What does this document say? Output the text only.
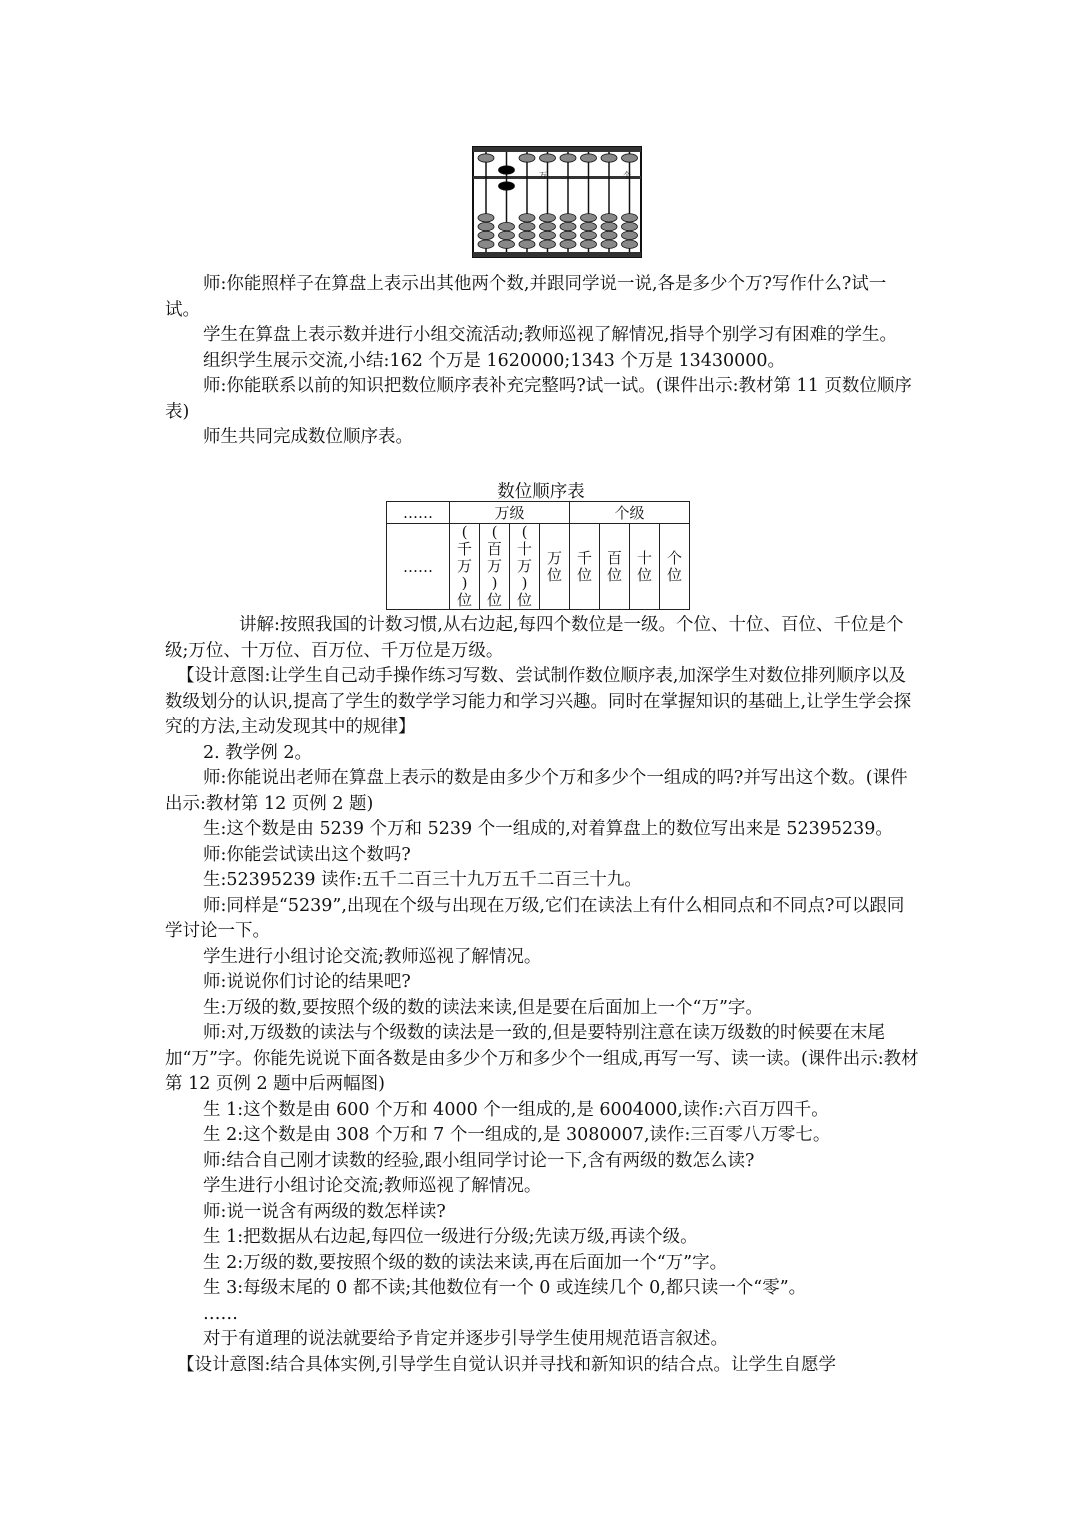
万	个

师:你能照样子在算盘上表示出其他两个数,并跟同学说一说,各是多少个万?写作什么?试一试。

学生在算盘上表示数并进行小组交流活动;教师巡视了解情况,指导个别学习有困难的学生。

组织学生展示交流,小结:162 个万是 1620000;1343 个万是 13430000。

师:你能联系以前的知识把数位顺序表补充完整吗?试一试。(课件出示:教材第 11 页数位顺序表)

师生共同完成数位顺序表。

数位顺序表
……	万级				个级			
……	(
千
万
)
位	(
百
万
)
位	(
十
万
)
位	万
位	千
位	百
位	十
位	个
位

讲解:按照我国的计数习惯,从右边起,每四个数位是一级。个位、十位、百位、千位是个级;万位、十万位、百万位、千万位是万级。

【设计意图:让学生自己动手操作练习写数、尝试制作数位顺序表,加深学生对数位排列顺序以及数级划分的认识,提高了学生的数学学习能力和学习兴趣。同时在掌握知识的基础上,让学生学会探究的方法,主动发现其中的规律】

2. 教学例 2。

师:你能说出老师在算盘上表示的数是由多少个万和多少个一组成的吗?并写出这个数。(课件出示:教材第 12 页例 2 题)

生:这个数是由 5239 个万和 5239 个一组成的,对着算盘上的数位写出来是 52395239。

师:你能尝试读出这个数吗?

生:52395239 读作:五千二百三十九万五千二百三十九。

师:同样是“5239”,出现在个级与出现在万级,它们在读法上有什么相同点和不同点?可以跟同学讨论一下。

学生进行小组讨论交流;教师巡视了解情况。

师:说说你们讨论的结果吧?

生:万级的数,要按照个级的数的读法来读,但是要在后面加上一个“万”字。

师:对,万级数的读法与个级数的读法是一致的,但是要特别注意在读万级数的时候要在末尾加“万”字。你能先说说下面各数是由多少个万和多少个一组成,再写一写、读一读。(课件出示:教材第 12 页例 2 题中后两幅图)

生 1:这个数是由 600 个万和 4000 个一组成的,是 6004000,读作:六百万四千。

生 2:这个数是由 308 个万和 7 个一组成的,是 3080007,读作:三百零八万零七。

师:结合自己刚才读数的经验,跟小组同学讨论一下,含有两级的数怎么读?

学生进行小组讨论交流;教师巡视了解情况。

师:说一说含有两级的数怎样读?

生 1:把数据从右边起,每四位一级进行分级;先读万级,再读个级。

生 2:万级的数,要按照个级的数的读法来读,再在后面加一个“万”字。

生 3:每级末尾的 0 都不读;其他数位有一个 0 或连续几个 0,都只读一个“零”。

……

对于有道理的说法就要给予肯定并逐步引导学生使用规范语言叙述。

【设计意图:结合具体实例,引导学生自觉认识并寻找和新知识的结合点。让学生自愿学
